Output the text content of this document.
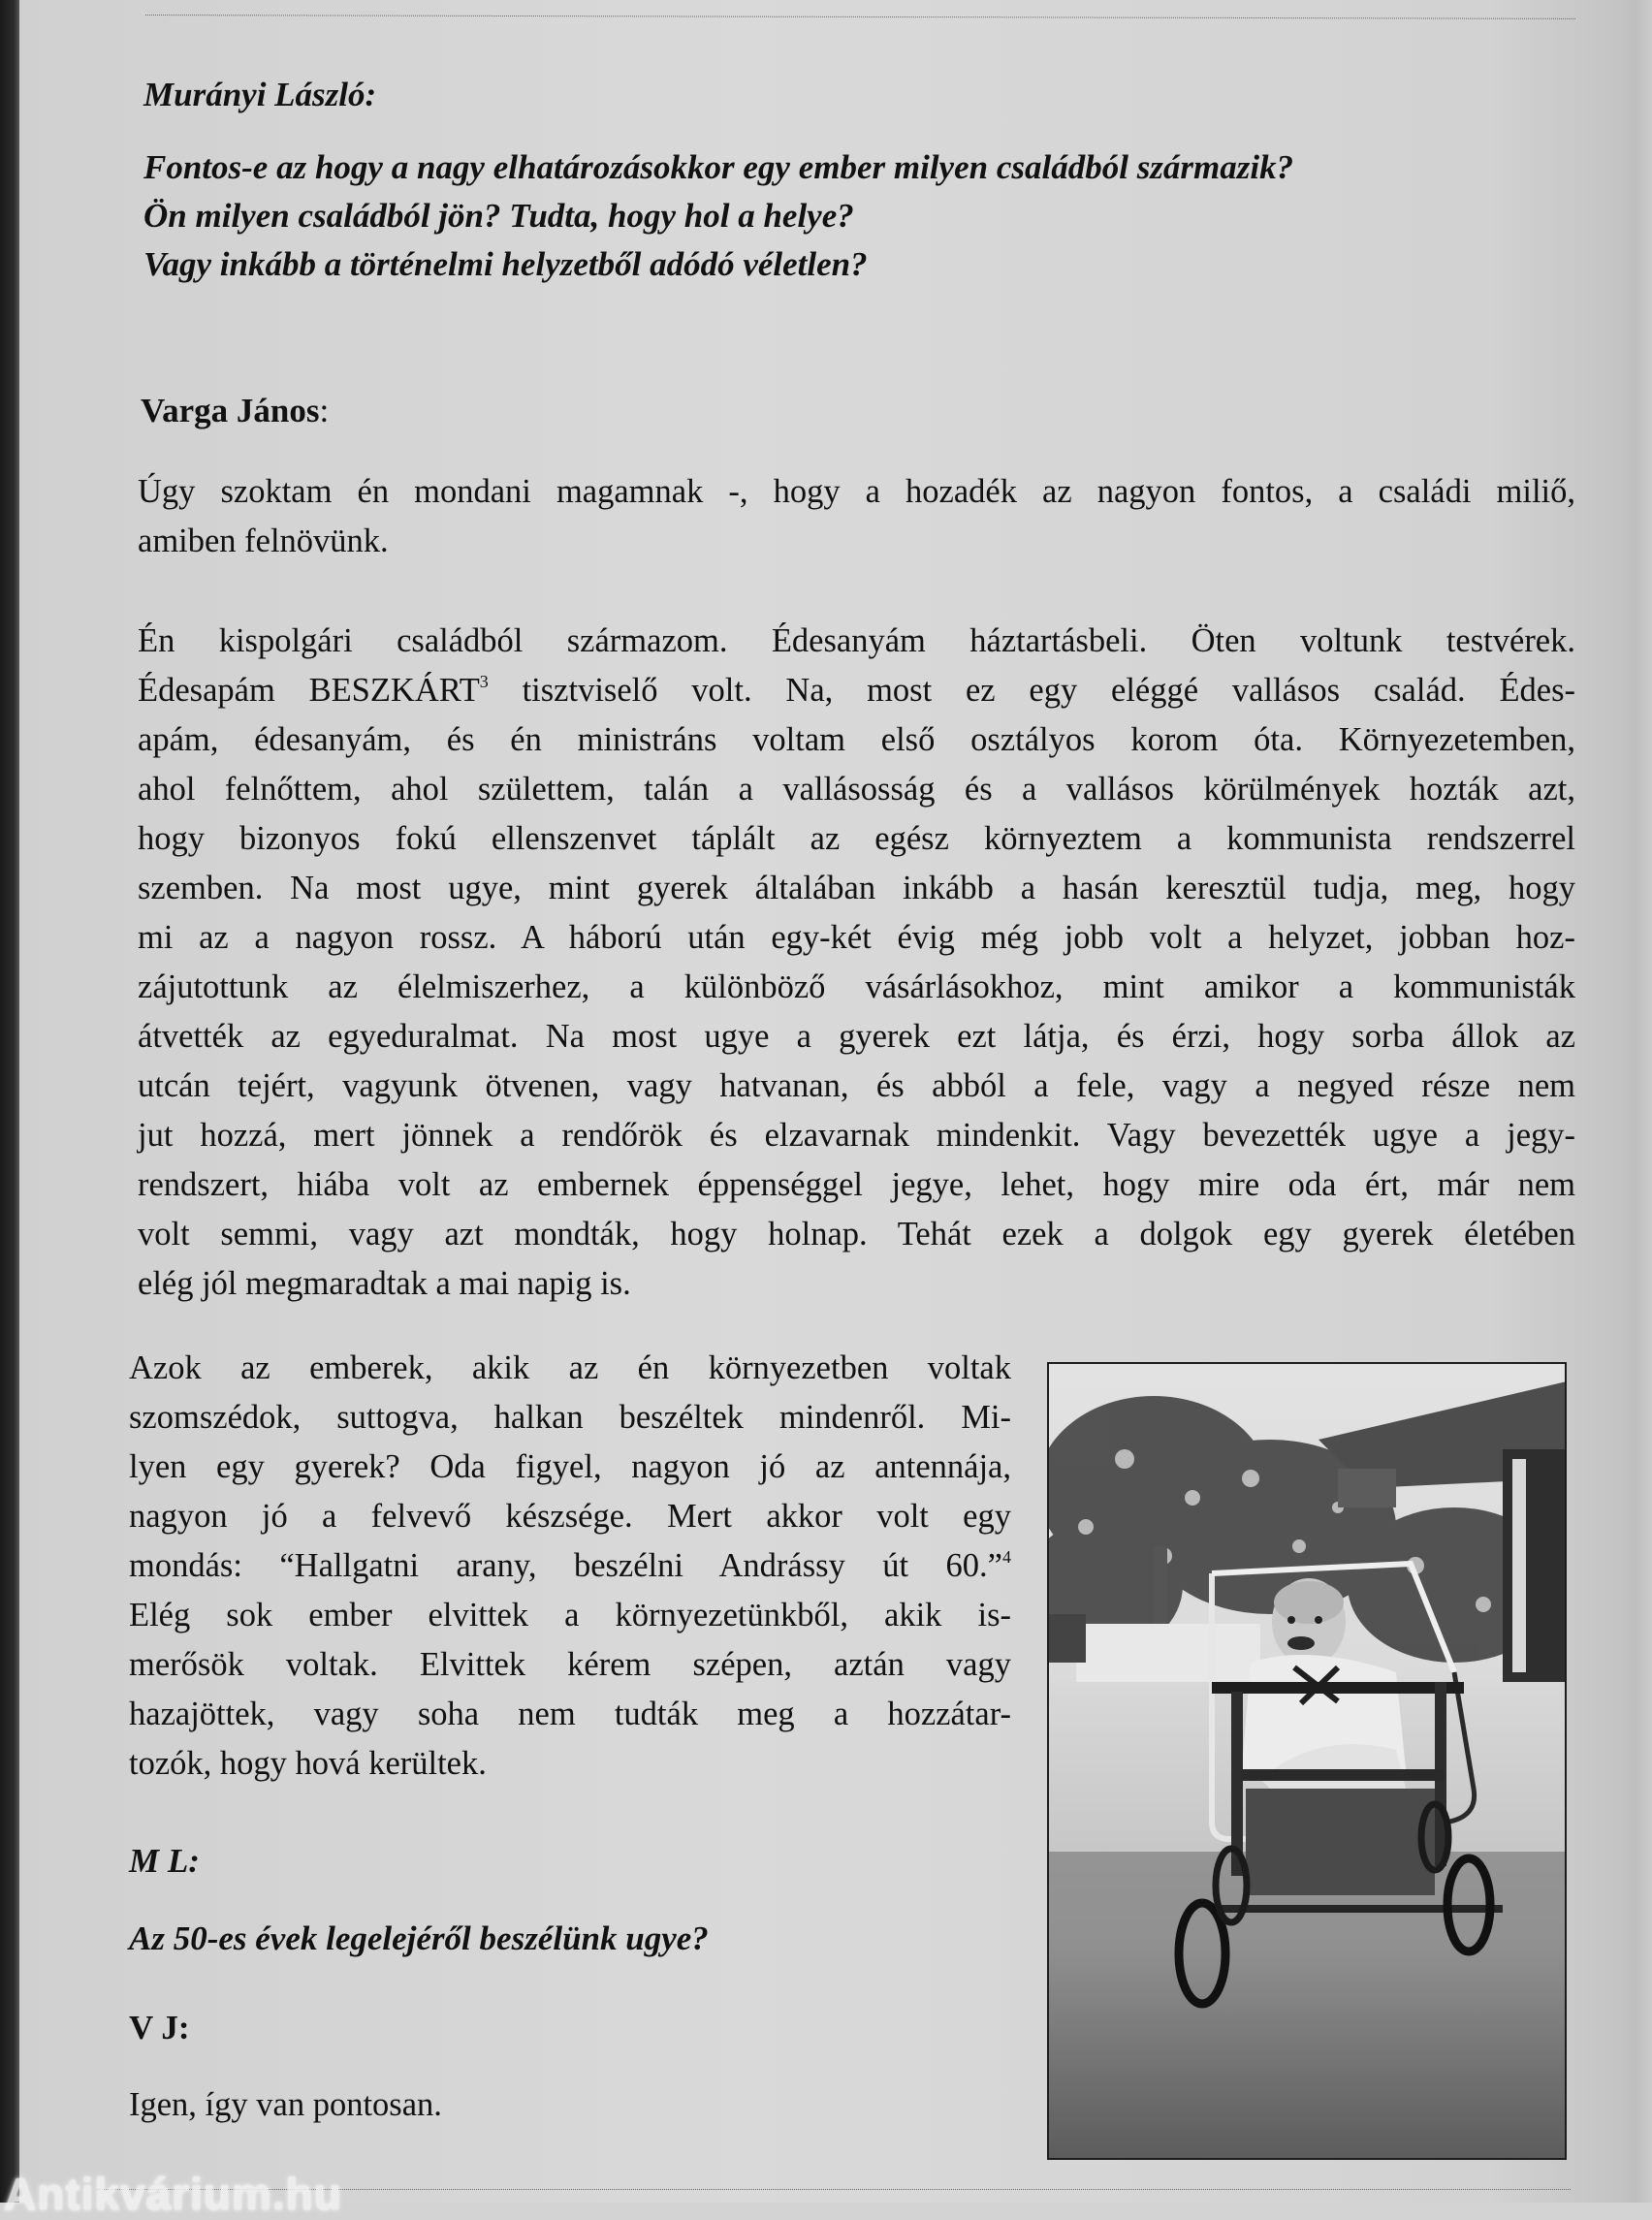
Murányi László:
Fontos-e az hogy a nagy elhatározásokkor egy ember milyen családból származik?
Ön milyen családból jön? Tudta, hogy hol a helye?
Vagy inkább a történelmi helyzetből adódó véletlen?
Varga János:
Úgy szoktam én mondani magamnak -, hogy a hozadék az nagyon fontos, a családi miliő,
amiben felnövünk.
Én kispolgári családból származom. Édesanyám háztartásbeli. Öten voltunk testvérek.
Édesapám BESZKÁRT$^3$ tisztviselő volt. Na, most ez egy eléggé vallásos család. Édes-
apám, édesanyám, és én ministráns voltam első osztályos korom óta. Környezetemben,
ahol felnőttem, ahol születtem, talán a vallásosság és a vallásos körülmények hozták azt,
hogy bizonyos fokú ellenszenvet táplált az egész környeztem a kommunista rendszerrel
szemben. Na most ugye, mint gyerek általában inkább a hasán keresztül tudja, meg, hogy
mi az a nagyon rossz. A háború után egy-két évig még jobb volt a helyzet, jobban hoz-
zájutottunk az élelmiszerhez, a különböző vásárlásokhoz, mint amikor a kommunisták
átvették az egyeduralmat. Na most ugye a gyerek ezt látja, és érzi, hogy sorba állok az
utcán tejért, vagyunk ötvenen, vagy hatvanan, és abból a fele, vagy a negyed része nem
jut hozzá, mert jönnek a rendőrök és elzavarnak mindenkit. Vagy bevezették ugye a jegy-
rendszert, hiába volt az embernek éppenséggel jegye, lehet, hogy mire oda ért, már nem
volt semmi, vagy azt mondták, hogy holnap. Tehát ezek a dolgok egy gyerek életében
elég jól megmaradtak a mai napig is.
Azok az emberek, akik az én környezetben voltak
szomszédok, suttogva, halkan beszéltek mindenről. Mi-
lyen egy gyerek? Oda figyel, nagyon jó az antennája,
nagyon jó a felvevő készsége. Mert akkor volt egy
mondás: “Hallgatni arany, beszélni Andrássy út 60.”$^4$
Elég sok ember elvittek a környezetünkből, akik is-
merősök voltak. Elvittek kérem szépen, aztán vagy
hazajöttek, vagy soha nem tudták meg a hozzátar-
tozók, hogy hová kerültek.
M L:
Az 50-es évek legelejéről beszélünk ugye?
V J:
Igen, így van pontosan.
Antikvárium.hu
